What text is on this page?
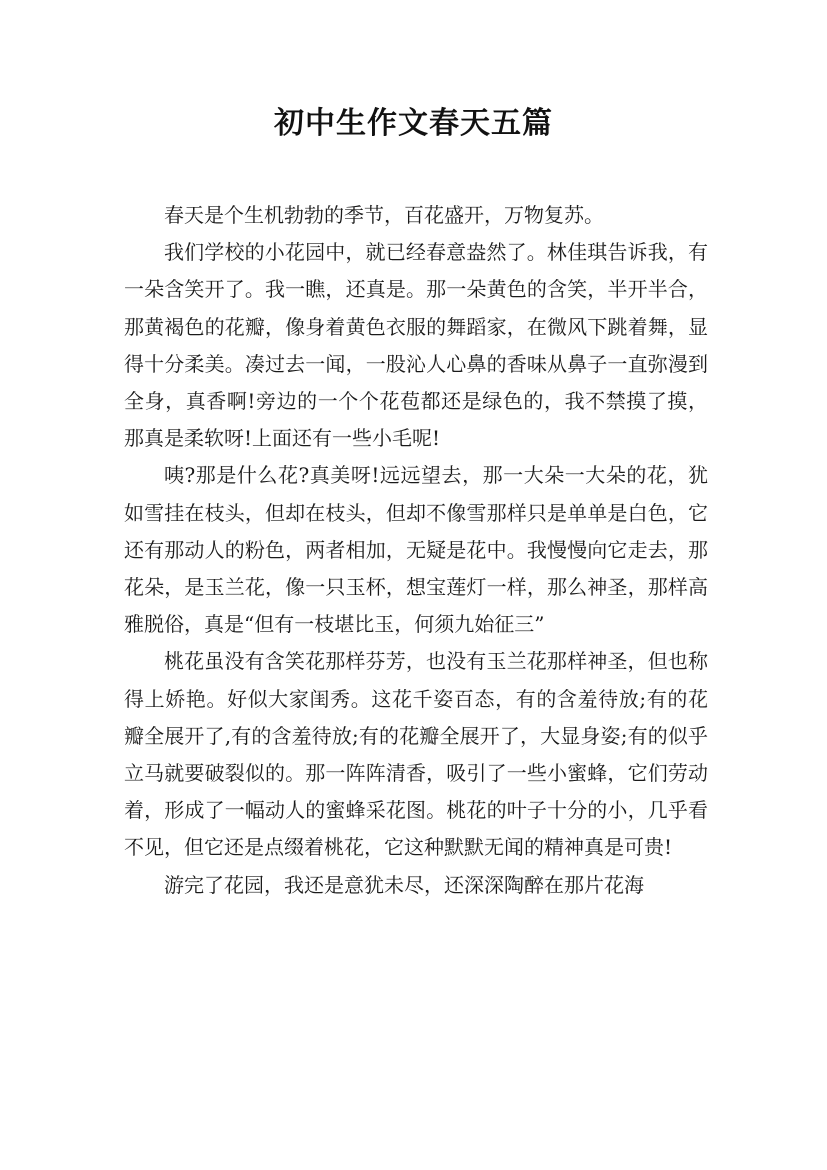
初中生作文春天五篇

春天是个生机勃勃的季节，百花盛开，万物复苏。

我们学校的小花园中，就已经春意盎然了。林佳琪告诉我，有一朵含笑开了。我一瞧，还真是。那一朵黄色的含笑，半开半合，那黄褐色的花瓣，像身着黄色衣服的舞蹈家，在微风下跳着舞，显得十分柔美。凑过去一闻，一股沁人心鼻的香味从鼻子一直弥漫到全身，真香啊!旁边的一个个花苞都还是绿色的，我不禁摸了摸，那真是柔软呀!上面还有一些小毛呢!

咦?那是什么花?真美呀!远远望去，那一大朵一大朵的花，犹如雪挂在枝头，但却在枝头，但却不像雪那样只是单单是白色，它还有那动人的粉色，两者相加，无疑是花中。我慢慢向它走去，那花朵，是玉兰花，像一只玉杯，想宝莲灯一样，那么神圣，那样高雅脱俗，真是“但有一枝堪比玉，何须九始征三”

桃花虽没有含笑花那样芬芳，也没有玉兰花那样神圣，但也称得上娇艳。好似大家闺秀。这花千姿百态，有的含羞待放;有的花瓣全展开了,有的含羞待放;有的花瓣全展开了，大显身姿;有的似乎立马就要破裂似的。那一阵阵清香，吸引了一些小蜜蜂，它们劳动着，形成了一幅动人的蜜蜂采花图。桃花的叶子十分的小，几乎看不见，但它还是点缀着桃花，它这种默默无闻的精神真是可贵!

游完了花园，我还是意犹未尽，还深深陶醉在那片花海
